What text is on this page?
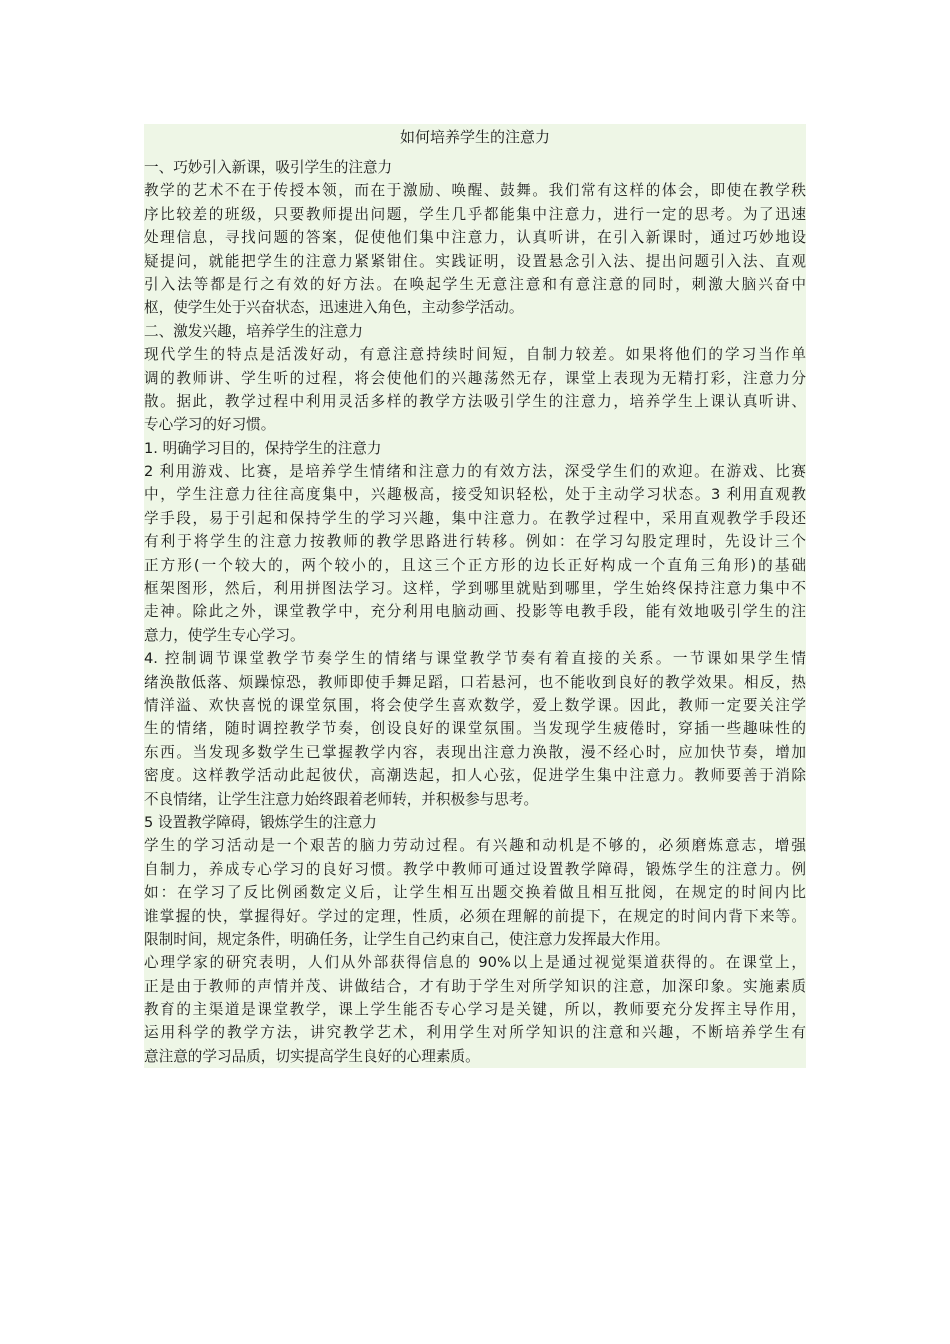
如何培养学生的注意力
一、巧妙引入新课，吸引学生的注意力
教学的艺术不在于传授本领，而在于激励、唤醒、鼓舞。我们常有这样的体会，即使在教学秩
序比较差的班级，只要教师提出问题，学生几乎都能集中注意力，进行一定的思考。为了迅速
处理信息，寻找问题的答案，促使他们集中注意力，认真听讲，在引入新课时，通过巧妙地设
疑提问，就能把学生的注意力紧紧钳住。实践证明，设置悬念引入法、提出问题引入法、直观
引入法等都是行之有效的好方法。在唤起学生无意注意和有意注意的同时，刺激大脑兴奋中
枢，使学生处于兴奋状态，迅速进入角色，主动参学活动。
二、激发兴趣，培养学生的注意力
现代学生的特点是活泼好动，有意注意持续时间短，自制力较差。如果将他们的学习当作单
调的教师讲、学生听的过程，将会使他们的兴趣荡然无存，课堂上表现为无精打彩，注意力分
散。据此，教学过程中利用灵活多样的教学方法吸引学生的注意力，培养学生上课认真听讲、
专心学习的好习惯。
1. 明确学习目的，保持学生的注意力
2 利用游戏、比赛，是培养学生情绪和注意力的有效方法，深受学生们的欢迎。在游戏、比赛
中，学生注意力往往高度集中，兴趣极高，接受知识轻松，处于主动学习状态。3 利用直观教
学手段，易于引起和保持学生的学习兴趣，集中注意力。在教学过程中，采用直观教学手段还
有利于将学生的注意力按教师的教学思路进行转移。例如：在学习勾股定理时，先设计三个
正方形(一个较大的，两个较小的，且这三个正方形的边长正好构成一个直角三角形)的基础
框架图形，然后，利用拼图法学习。这样，学到哪里就贴到哪里，学生始终保持注意力集中不
走神。除此之外，课堂教学中，充分利用电脑动画、投影等电教手段，能有效地吸引学生的注
意力，使学生专心学习。
4. 控制调节课堂教学节奏学生的情绪与课堂教学节奏有着直接的关系。一节课如果学生情
绪涣散低落、烦躁惊恐，教师即使手舞足蹈，口若悬河，也不能收到良好的教学效果。相反，热
情洋溢、欢快喜悦的课堂氛围，将会使学生喜欢数学，爱上数学课。因此，教师一定要关注学
生的情绪，随时调控教学节奏，创设良好的课堂氛围。当发现学生疲倦时，穿插一些趣味性的
东西。当发现多数学生已掌握教学内容，表现出注意力涣散，漫不经心时，应加快节奏，增加
密度。这样教学活动此起彼伏，高潮迭起，扣人心弦，促进学生集中注意力。教师要善于消除
不良情绪，让学生注意力始终跟着老师转，并积极参与思考。
5 设置教学障碍，锻炼学生的注意力
学生的学习活动是一个艰苦的脑力劳动过程。有兴趣和动机是不够的，必须磨炼意志，增强
自制力，养成专心学习的良好习惯。教学中教师可通过设置教学障碍，锻炼学生的注意力。例
如：在学习了反比例函数定义后，让学生相互出题交换着做且相互批阅，在规定的时间内比
谁掌握的快，掌握得好。学过的定理，性质，必须在理解的前提下，在规定的时间内背下来等。
限制时间，规定条件，明确任务，让学生自己约束自己，使注意力发挥最大作用。
心理学家的研究表明，人们从外部获得信息的 90%以上是通过视觉渠道获得的。在课堂上，
正是由于教师的声情并茂、讲做结合，才有助于学生对所学知识的注意，加深印象。实施素质
教育的主渠道是课堂教学，课上学生能否专心学习是关键，所以，教师要充分发挥主导作用，
运用科学的教学方法，讲究教学艺术，利用学生对所学知识的注意和兴趣，不断培养学生有
意注意的学习品质，切实提高学生良好的心理素质。
